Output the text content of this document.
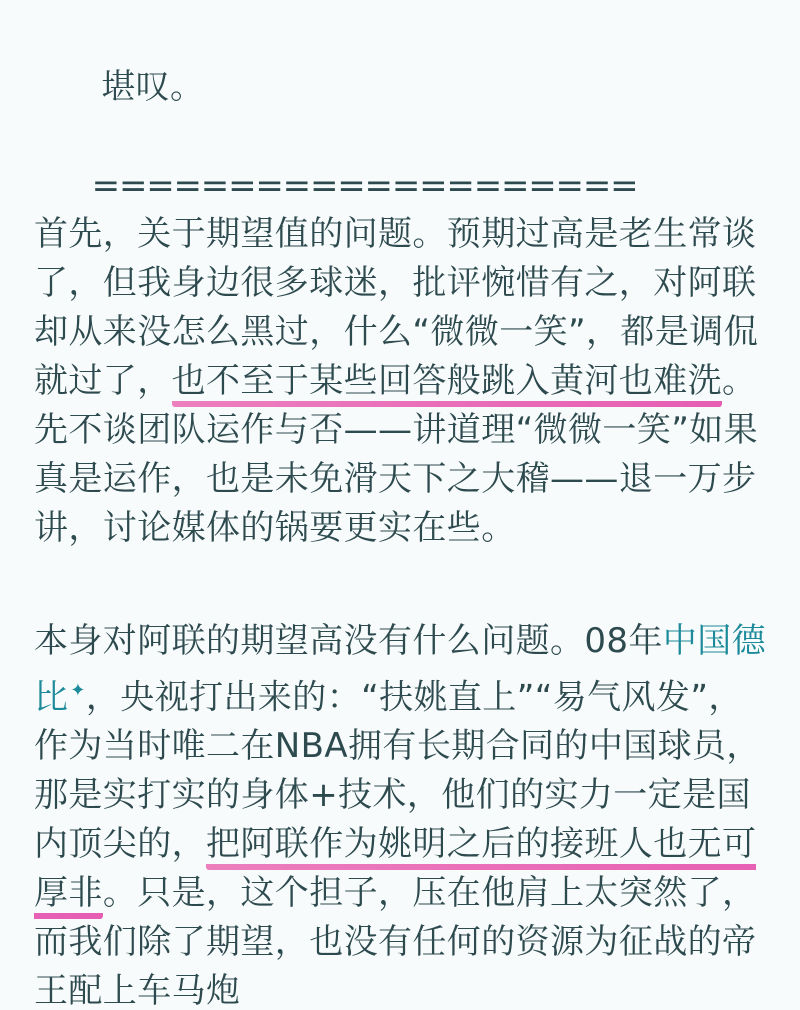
堪叹。

====================

首先，关于期望值的问题。预期过高是老生常谈了，但我身边很多球迷，批评惋惜有之，对阿联却从来没怎么黑过，什么“微微一笑”，都是调侃就过了，也不至于某些回答般跳入黄河也难洗。先不谈团队运作与否——讲道理“微微一笑”如果真是运作，也是未免滑天下之大稽——退一万步讲，讨论媒体的锅要更实在些。

本身对阿联的期望高没有什么问题。08年中国德比 ✦，央视打出来的：“扶姚直上”“易气风发”，作为当时唯二在NBA拥有长期合同的中国球员，那是实打实的身体+技术，他们的实力一定是国内顶尖的，把阿联作为姚明之后的接班人也无可厚非。只是，这个担子，压在他肩上太突然了，而我们除了期望，也没有任何的资源为征战的帝王配上车马炮
